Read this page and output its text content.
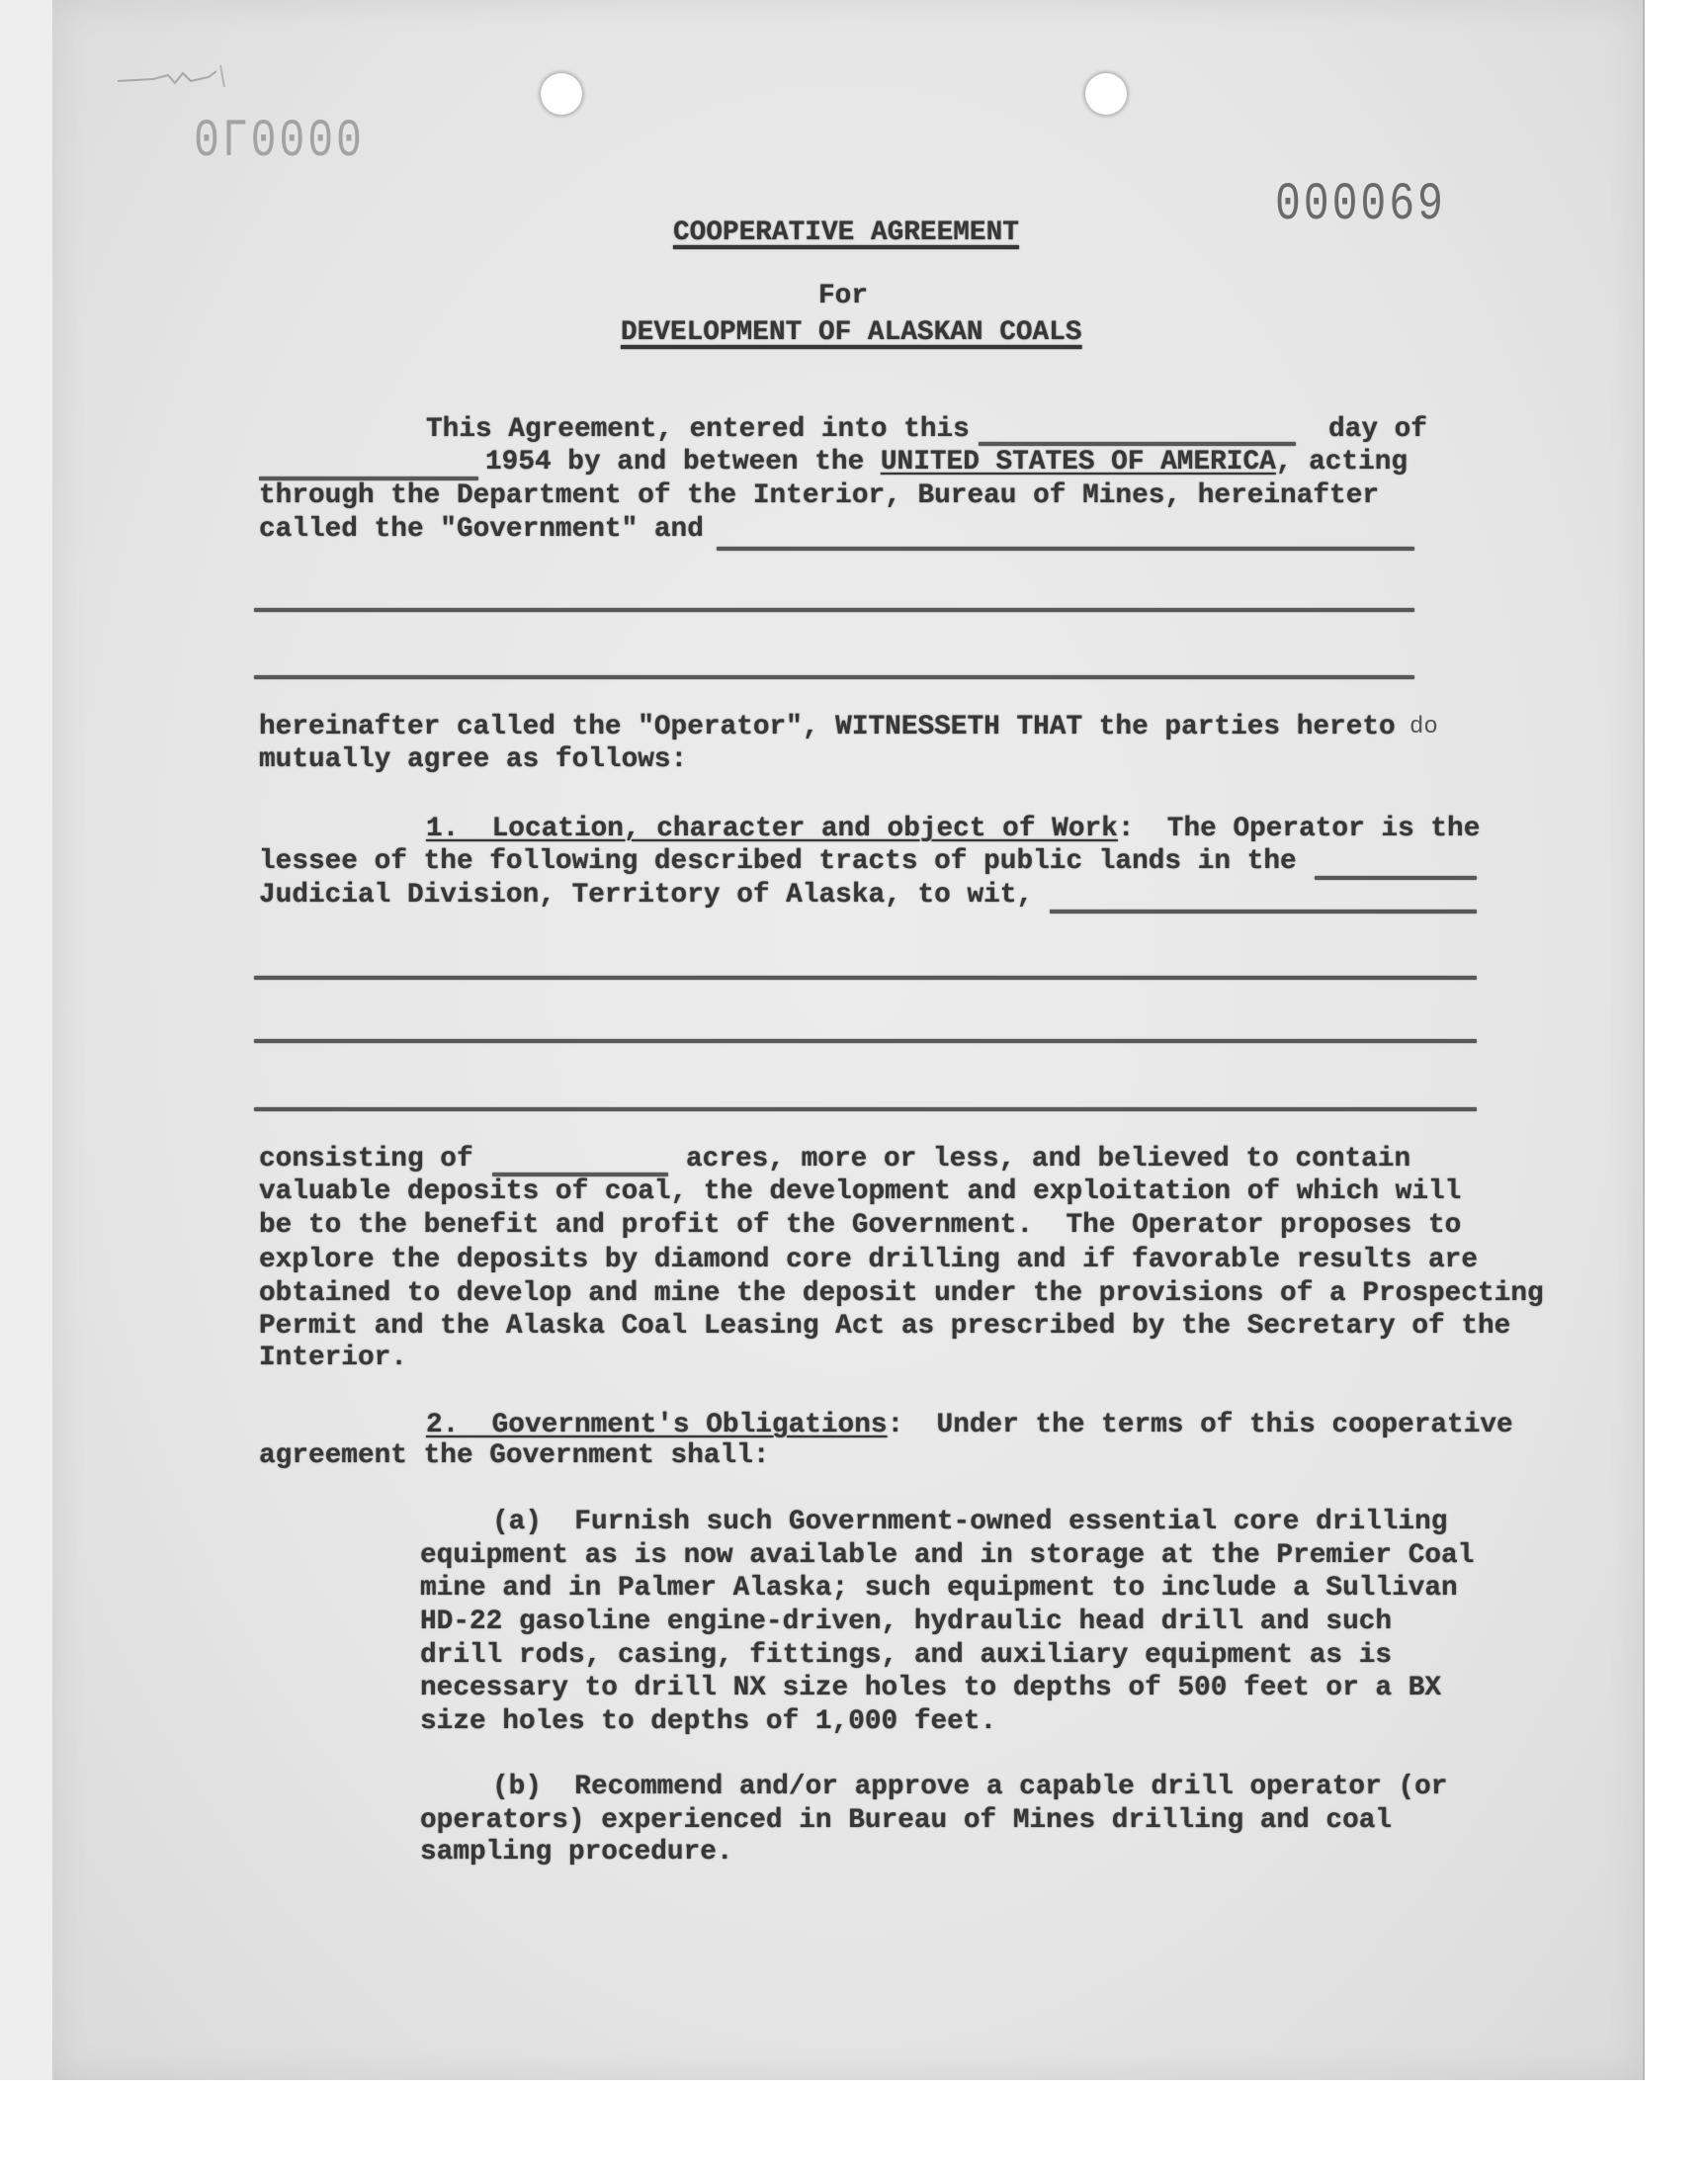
0Г0000
000069
COOPERATIVE AGREEMENT
For
DEVELOPMENT OF ALASKAN COALS
This Agreement, entered into this	day of
1954 by and between the UNITED STATES OF AMERICA, acting
through the Department of the Interior, Bureau of Mines, hereinafter
called the "Government" and
hereinafter called the "Operator", WITNESSETH THAT the parties hereto do
mutually agree as follows:
1.  Location, character and object of Work:  The Operator is the
lessee of the following described tracts of public lands in the
Judicial Division, Territory of Alaska, to wit,
consisting of	acres, more or less, and believed to contain
valuable deposits of coal, the development and exploitation of which will
be to the benefit and profit of the Government.  The Operator proposes to
explore the deposits by diamond core drilling and if favorable results are
obtained to develop and mine the deposit under the provisions of a Prospecting
Permit and the Alaska Coal Leasing Act as prescribed by the Secretary of the
Interior.
2.  Government's Obligations:  Under the terms of this cooperative
agreement the Government shall:
(a)  Furnish such Government-owned essential core drilling
equipment as is now available and in storage at the Premier Coal
mine and in Palmer Alaska; such equipment to include a Sullivan
HD-22 gasoline engine-driven, hydraulic head drill and such
drill rods, casing, fittings, and auxiliary equipment as is
necessary to drill NX size holes to depths of 500 feet or a BX
size holes to depths of 1,000 feet.
(b)  Recommend and/or approve a capable drill operator (or
operators) experienced in Bureau of Mines drilling and coal
sampling procedure.
